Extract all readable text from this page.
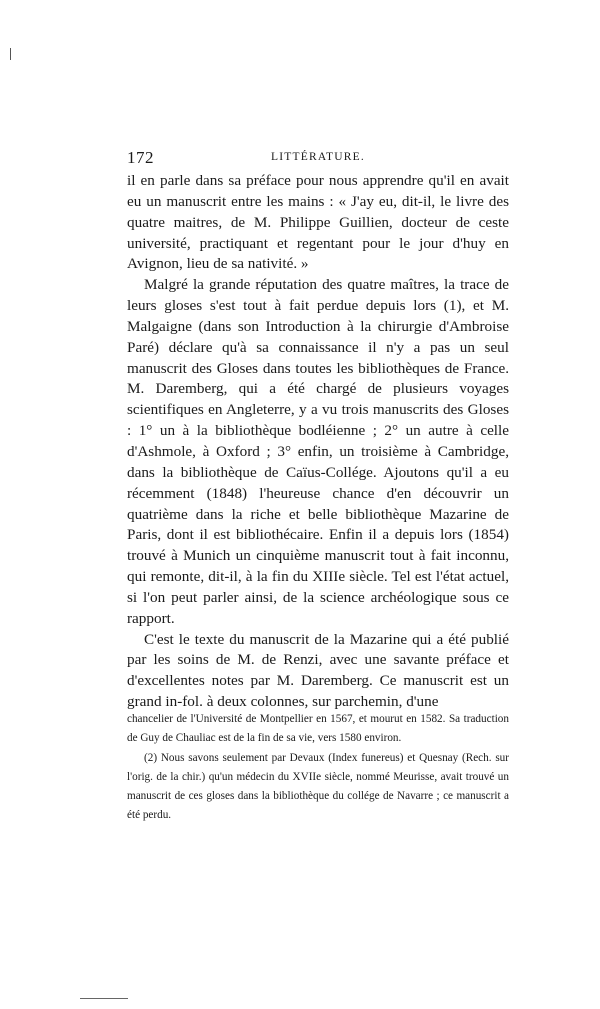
172	LITTÉRATURE.

il en parle dans sa préface pour nous apprendre qu'il en avait eu un manuscrit entre les mains : « J'ay eu, dit-il, le livre des quatre maitres, de M. Philippe Guillien, docteur de ceste université, practiquant et regentant pour le jour d'huy en Avignon, lieu de sa nativité. »

Malgré la grande réputation des quatre maîtres, la trace de leurs gloses s'est tout à fait perdue depuis lors (1), et M. Malgaigne (dans son Introduction à la chirurgie d'Ambroise Paré) déclare qu'à sa connaissance il n'y a pas un seul manuscrit des Gloses dans toutes les bibliothèques de France. M. Daremberg, qui a été chargé de plusieurs voyages scientifiques en Angleterre, y a vu trois manuscrits des Gloses : 1° un à la bibliothèque bodléienne ; 2° un autre à celle d'Ashmole, à Oxford ; 3° enfin, un troisième à Cambridge, dans la bibliothèque de Caïus-Collége. Ajoutons qu'il a eu récemment (1848) l'heureuse chance d'en découvrir un quatrième dans la riche et belle bibliothèque Mazarine de Paris, dont il est bibliothécaire. Enfin il a depuis lors (1854) trouvé à Munich un cinquième manuscrit tout à fait inconnu, qui remonte, dit-il, à la fin du XIIIe siècle. Tel est l'état actuel, si l'on peut parler ainsi, de la science archéologique sous ce rapport.

C'est le texte du manuscrit de la Mazarine qui a été publié par les soins de M. de Renzi, avec une savante préface et d'excellentes notes par M. Daremberg. Ce manuscrit est un grand in-fol. à deux colonnes, sur parchemin, d'une

chancelier de l'Université de Montpellier en 1567, et mourut en 1582. Sa traduction de Guy de Chauliac est de la fin de sa vie, vers 1580 environ.

(2) Nous savons seulement par Devaux (Index funereus) et Quesnay (Rech. sur l'orig. de la chir.) qu'un médecin du XVIIe siècle, nommé Meurisse, avait trouvé un manuscrit de ces gloses dans la bibliothèque du collége de Navarre ; ce manuscrit a été perdu.
